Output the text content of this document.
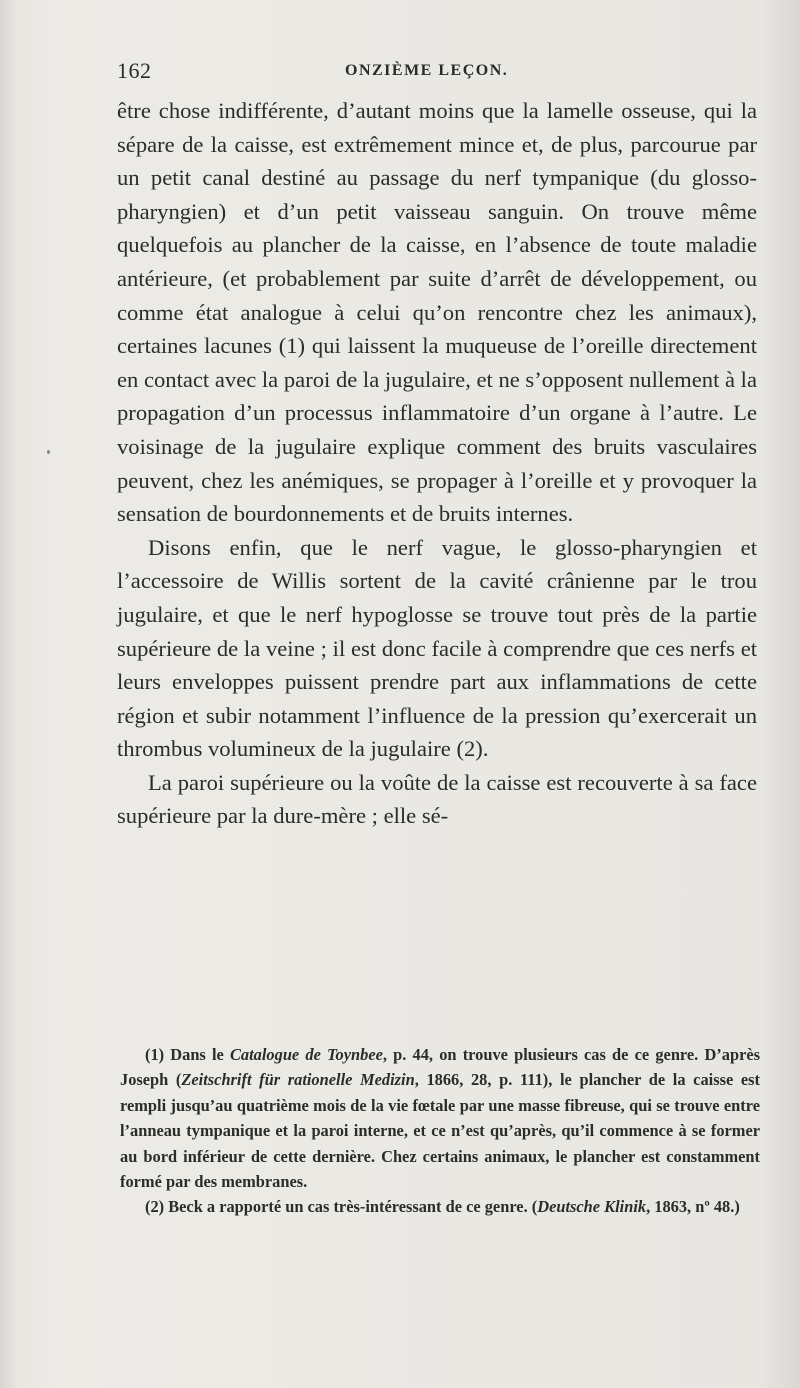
162	ONZIÈME LEÇON.

être chose indifférente, d’autant moins que la lamelle osseuse, qui la sépare de la caisse, est extrêmement mince et, de plus, parcourue par un petit canal destiné au passage du nerf tympanique (du glosso-pharyngien) et d’un petit vaisseau sanguin. On trouve même quelquefois au plancher de la caisse, en l’absence de toute maladie antérieure, (et probablement par suite d’arrêt de développement, ou comme état analogue à celui qu’on rencontre chez les animaux), certaines lacunes (1) qui laissent la muqueuse de l’oreille directement en contact avec la paroi de la jugulaire, et ne s’opposent nullement à la propagation d’un processus inflammatoire d’un organe à l’autre. Le voisinage de la jugulaire explique comment des bruits vasculaires peuvent, chez les anémiques, se propager à l’oreille et y provoquer la sensation de bourdonnements et de bruits internes.

Disons enfin, que le nerf vague, le glosso-pharyngien et l’accessoire de Willis sortent de la cavité crânienne par le trou jugulaire, et que le nerf hypoglosse se trouve tout près de la partie supérieure de la veine ; il est donc facile à comprendre que ces nerfs et leurs enveloppes puissent prendre part aux inflammations de cette région et subir notamment l’influence de la pression qu’exercerait un thrombus volumineux de la jugulaire (2).

La paroi supérieure ou la voûte de la caisse est recouverte à sa face supérieure par la dure-mère ; elle sé-

(1) Dans le Catalogue de Toynbee, p. 44, on trouve plusieurs cas de ce genre. D’après Joseph (Zeitschrift für rationelle Medizin, 1866, 28, p. 111), le plancher de la caisse est rempli jusqu’au quatrième mois de la vie fœtale par une masse fibreuse, qui se trouve entre l’anneau tympanique et la paroi interne, et ce n’est qu’après, qu’il commence à se former au bord inférieur de cette dernière. Chez certains animaux, le plancher est constamment formé par des membranes.

(2) Beck a rapporté un cas très-intéressant de ce genre. (Deutsche Klinik, 1863, nº 48.)
